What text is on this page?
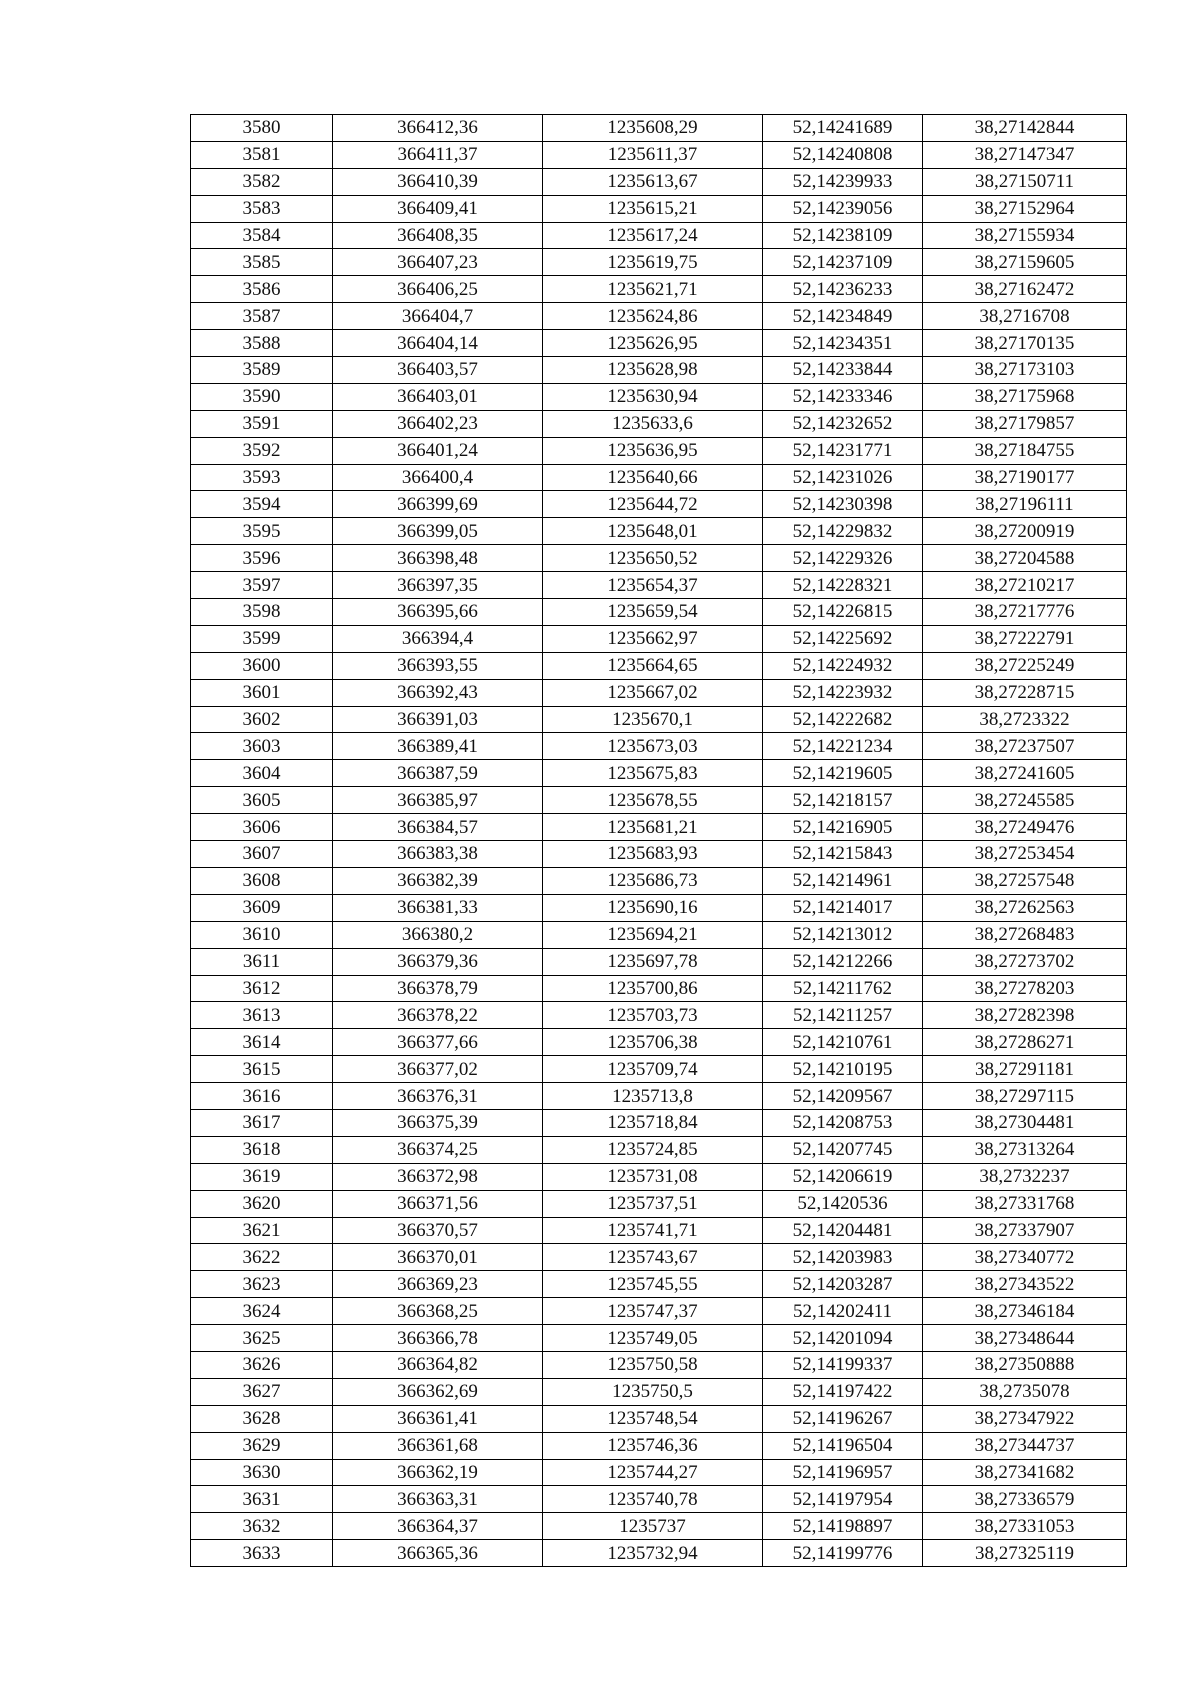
3580	366412,36	1235608,29	52,14241689	38,27142844
3581	366411,37	1235611,37	52,14240808	38,27147347
3582	366410,39	1235613,67	52,14239933	38,27150711
3583	366409,41	1235615,21	52,14239056	38,27152964
3584	366408,35	1235617,24	52,14238109	38,27155934
3585	366407,23	1235619,75	52,14237109	38,27159605
3586	366406,25	1235621,71	52,14236233	38,27162472
3587	366404,7	1235624,86	52,14234849	38,2716708
3588	366404,14	1235626,95	52,14234351	38,27170135
3589	366403,57	1235628,98	52,14233844	38,27173103
3590	366403,01	1235630,94	52,14233346	38,27175968
3591	366402,23	1235633,6	52,14232652	38,27179857
3592	366401,24	1235636,95	52,14231771	38,27184755
3593	366400,4	1235640,66	52,14231026	38,27190177
3594	366399,69	1235644,72	52,14230398	38,27196111
3595	366399,05	1235648,01	52,14229832	38,27200919
3596	366398,48	1235650,52	52,14229326	38,27204588
3597	366397,35	1235654,37	52,14228321	38,27210217
3598	366395,66	1235659,54	52,14226815	38,27217776
3599	366394,4	1235662,97	52,14225692	38,27222791
3600	366393,55	1235664,65	52,14224932	38,27225249
3601	366392,43	1235667,02	52,14223932	38,27228715
3602	366391,03	1235670,1	52,14222682	38,2723322
3603	366389,41	1235673,03	52,14221234	38,27237507
3604	366387,59	1235675,83	52,14219605	38,27241605
3605	366385,97	1235678,55	52,14218157	38,27245585
3606	366384,57	1235681,21	52,14216905	38,27249476
3607	366383,38	1235683,93	52,14215843	38,27253454
3608	366382,39	1235686,73	52,14214961	38,27257548
3609	366381,33	1235690,16	52,14214017	38,27262563
3610	366380,2	1235694,21	52,14213012	38,27268483
3611	366379,36	1235697,78	52,14212266	38,27273702
3612	366378,79	1235700,86	52,14211762	38,27278203
3613	366378,22	1235703,73	52,14211257	38,27282398
3614	366377,66	1235706,38	52,14210761	38,27286271
3615	366377,02	1235709,74	52,14210195	38,27291181
3616	366376,31	1235713,8	52,14209567	38,27297115
3617	366375,39	1235718,84	52,14208753	38,27304481
3618	366374,25	1235724,85	52,14207745	38,27313264
3619	366372,98	1235731,08	52,14206619	38,2732237
3620	366371,56	1235737,51	52,1420536	38,27331768
3621	366370,57	1235741,71	52,14204481	38,27337907
3622	366370,01	1235743,67	52,14203983	38,27340772
3623	366369,23	1235745,55	52,14203287	38,27343522
3624	366368,25	1235747,37	52,14202411	38,27346184
3625	366366,78	1235749,05	52,14201094	38,27348644
3626	366364,82	1235750,58	52,14199337	38,27350888
3627	366362,69	1235750,5	52,14197422	38,2735078
3628	366361,41	1235748,54	52,14196267	38,27347922
3629	366361,68	1235746,36	52,14196504	38,27344737
3630	366362,19	1235744,27	52,14196957	38,27341682
3631	366363,31	1235740,78	52,14197954	38,27336579
3632	366364,37	1235737	52,14198897	38,27331053
3633	366365,36	1235732,94	52,14199776	38,27325119
